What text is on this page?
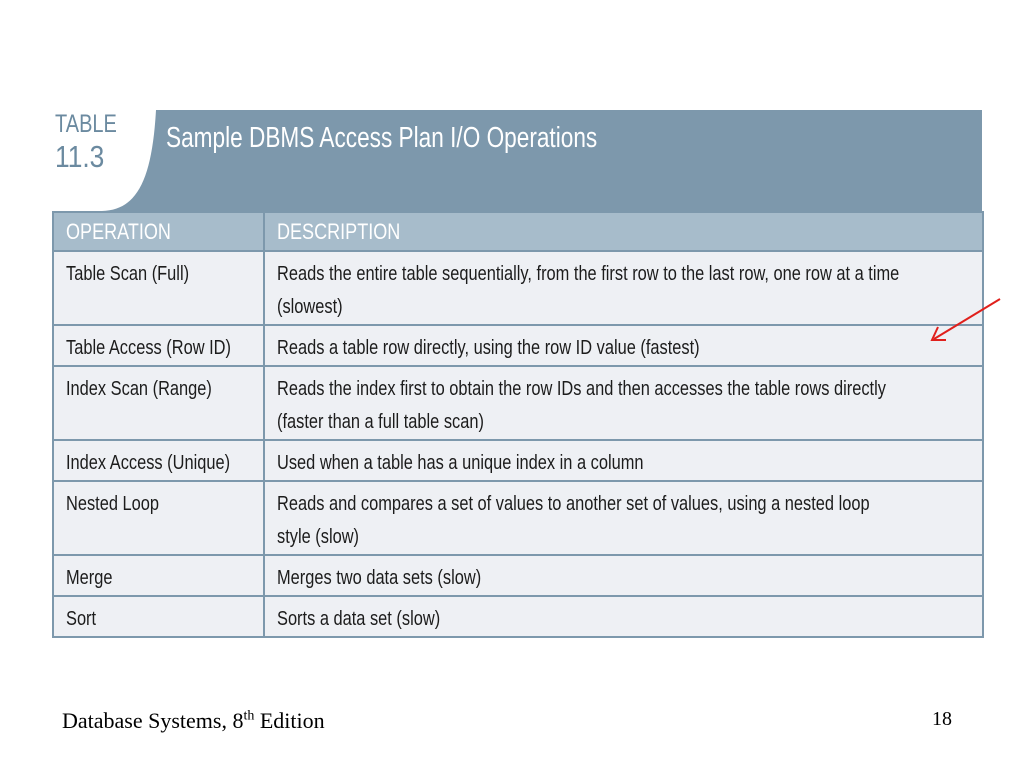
TABLE
11.3
Sample DBMS Access Plan I/O Operations
OPERATION	DESCRIPTION
Table Scan (Full)	Reads the entire table sequentially, from the first row to the last row, one row at a time
(slowest)

Table Access (Row ID)	Reads a table row directly, using the row ID value (fastest)

Index Scan (Range)	Reads the index first to obtain the row IDs and then accesses the table rows directly
(faster than a full table scan)

Index Access (Unique)	Used when a table has a unique index in a column

Nested Loop	Reads and compares a set of values to another set of values, using a nested loop
style (slow)

Merge	Merges two data sets (slow)

Sort	Sorts a data set (slow)
Database Systems, 8th Edition	18
